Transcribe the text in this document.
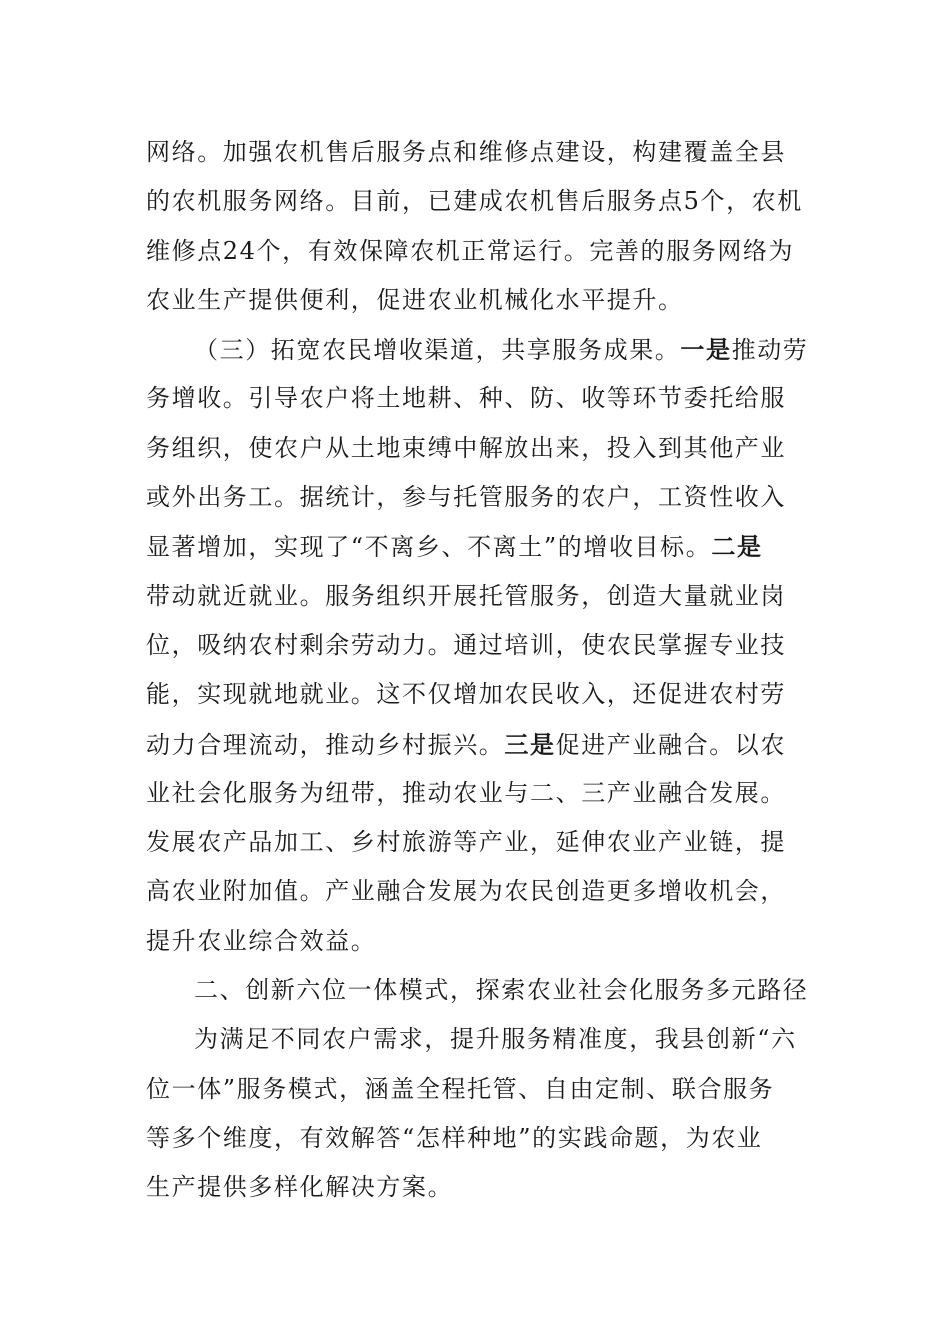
网络。加强农机售后服务点和维修点建设，构建覆盖全县
的农机服务网络。目前，已建成农机售后服务点5个，农机
维修点24个，有效保障农机正常运行。完善的服务网络为
农业生产提供便利，促进农业机械化水平提升。
（三）拓宽农民增收渠道，共享服务成果。一是推动劳
务增收。引导农户将土地耕、种、防、收等环节委托给服
务组织，使农户从土地束缚中解放出来，投入到其他产业
或外出务工。据统计，参与托管服务的农户，工资性收入
显著增加，实现了“不离乡、不离土”的增收目标。二是
带动就近就业。服务组织开展托管服务，创造大量就业岗
位，吸纳农村剩余劳动力。通过培训，使农民掌握专业技
能，实现就地就业。这不仅增加农民收入，还促进农村劳
动力合理流动，推动乡村振兴。三是促进产业融合。以农
业社会化服务为纽带，推动农业与二、三产业融合发展。
发展农产品加工、乡村旅游等产业，延伸农业产业链，提
高农业附加值。产业融合发展为农民创造更多增收机会，
提升农业综合效益。
二、创新六位一体模式，探索农业社会化服务多元路径
为满足不同农户需求，提升服务精准度，我县创新“六
位一体”服务模式，涵盖全程托管、自由定制、联合服务
等多个维度，有效解答“怎样种地”的实践命题，为农业
生产提供多样化解决方案。
